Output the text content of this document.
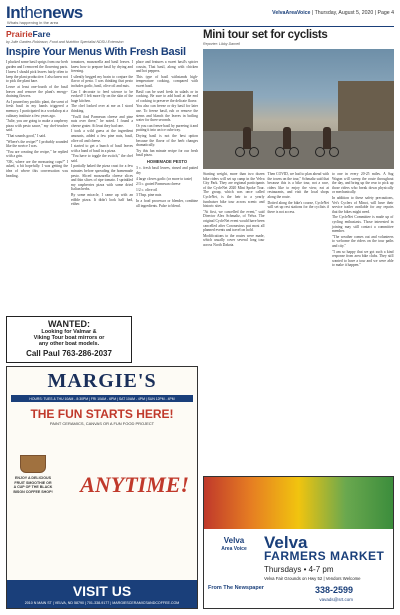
Inthenews
Whats happening in the area
VelvaAreaVoice | Thursday, August 5, 2020 | Page 4
PrairieFare
by Julie Garden-Robinson, Food and Nutrition Specialist NDSU Extension
Inspire Your Menus With Fresh Basil

I plucked some basil sprigs from our herb garden and I removed the flowering parts.

I knew I should pick leaves fairly often to keep the plant productive. I also knew not to pick the plant bare.

Leave at least one-fourth of the basil leaves and remove the plant's energy-draining flowers.

As I pruned my prolific plant, the scent of fresh basil in my hands triggered a memory. I participated in a workshop at a culinary institute a few years ago.

"Julie, you are going to make a raspberry pizza with pesto sauce," my chef-teacher said.

"That sounds good," I said.

"Where's the recipe?" I probably sounded like the novice I was.

"You are creating the recipe," he replied with a grin.

"OK, where are the measuring cups?" I asked, a bit hopefully. I was getting the idea of where this conversation was heading.

tomatoes, mozzarella and basil leaves. I knew how to prepare basil by drying and freezing.

I silently begged my brain to conjure the flavor of pesto. I was thinking that pesto includes garlic, basil, olive oil and nuts.

Can I decorate to feed science to be evoked? I felt more fly on the skin of the huge kitchen.

The chef looked over at me as I stood thinking.

"You'll find Parmesan cheese and pine nuts over there," he noted. I found a cheese grater. At least they had one.

I took a wild guess at the ingredient amounts, added a few pine nuts, basil, olive oil and cheese.

I started to get a bunch of basil leaves with a hand of basil in a pizza.

"You have to toggle the switch," the chef said.

I partially baked the pizza crust for a few minutes before spreading the homemade pesto. Sliced mozzarella cheese slices and thin slices of ripe tomato. I sprinkled my raspberries pizza with some dried Italian herbs.

By some miracle, I came up with an edible pizza. It didn't look half bad, either.

place and features a sweet basil's spicier cousin, Thai basil, along with chicken and hot peppers.

This type of basil withstands high-temperature cooking, compared with sweet basil.

Basil can be used fresh in salads or in cooking. Be sure to add basil at the end of cooking to preserve the delicate flavor.

You also can freeze or dry basil for later use. To freeze basil, rub or remove the stems and blanch the leaves in boiling water for three seconds.

Or you can freeze basil by pureeing it and putting it into an ice cube tray.

Drying basil is not the best option because the flavor of the herb changes dramatically.

Try this fun minute recipe for our fresh basil pizza.

HOMEMADE PESTO

3 c. fresh basil leaves, rinsed and patted dry

4 large cloves garlic (or more to taste)

2/3 c. grated Parmesan cheese

1/2 c. olive oil

3 Tbsp. pine nuts

In a food processor or blender, combine all ingredients. Pulse to blend.

WANTED:
Looking for Valmar &
Viking Tour boat mirrors or
any other boat models.
Call Paul 763-286-2037
MARGIE'S
HOURS: TUES & THU 10AM - 8:30PM | FRI 10AM - 6PM | SAT 10AM - 4PM | SUN 12PM - 4PM
THE FUN STARTS HERE!
PAINT CERAMICS, CANVAS OR A FUN FOOD PROJECT
ENJOY A DELICIOUS FRUIT SMOOTHIE OR A CUP OF THE BLACK BISON COFFEE SHOP!	ANYTIME!
VISIT US
2010 N MAIN ST | VELVA, ND 58790 | 701-338-9177 | MARGIESCERAMICSANDCOFFEE.COM
Mini tour set for cyclists
Reporter: Libby Darnell

Starting weight, more than two dozen bike riders will set up camp in the Velva City Park. They are regional participants of the CycleNet 2020 Mini Spoke Tour. The group, which was once called CycleNet, is the heir to a yearly fundraiser bike tour across scenic and historic sites.

"At first, we cancelled the event," said Director Alex Schmaltz, of Velva. The original CycleNet event would have been cancelled after Coronavirus put most all planned events and travel on hold.

Modifications to the routes were made, which usually cover several long tour across North Dakota.

Then COVID, we had to plan ahead with the towns on the tour," Schmaltz said that because this is a bike tour, not a race, riders like to enjoy the view, eat at restaurants, and visit the local shops along the route.

Dotted along the bike's course, CycleNet will set up rest stations for the cyclists if there is not access.

to one in every 20-25 miles. A Sag Wagon will sweep the route throughout the day, and bring up the rear to pick up those riders who break down physically or mechanically.

In addition to these safety precautions, Vet's Cyclers of Minot, will have their service trailer available for any repairs that the bikes might need.

The CycleNet Committee is made up of cycling enthusiasts. Those interested in joining may still contact a committee member.

"The weather comes out and volunteers to welcome the riders on the tour paths and city."

"I am so happy that we got such a kind response from area bike clubs. They still wanted to have a tour and we were able to make it happen."

Velva
Area Voice	Velva
FARMERS MARKET
Thursdays • 4-7 pm
Velva Fair Grounds on Hwy 52 | Vendors Welcome
From The Newspaper	338-2599
vavads@srt.com
